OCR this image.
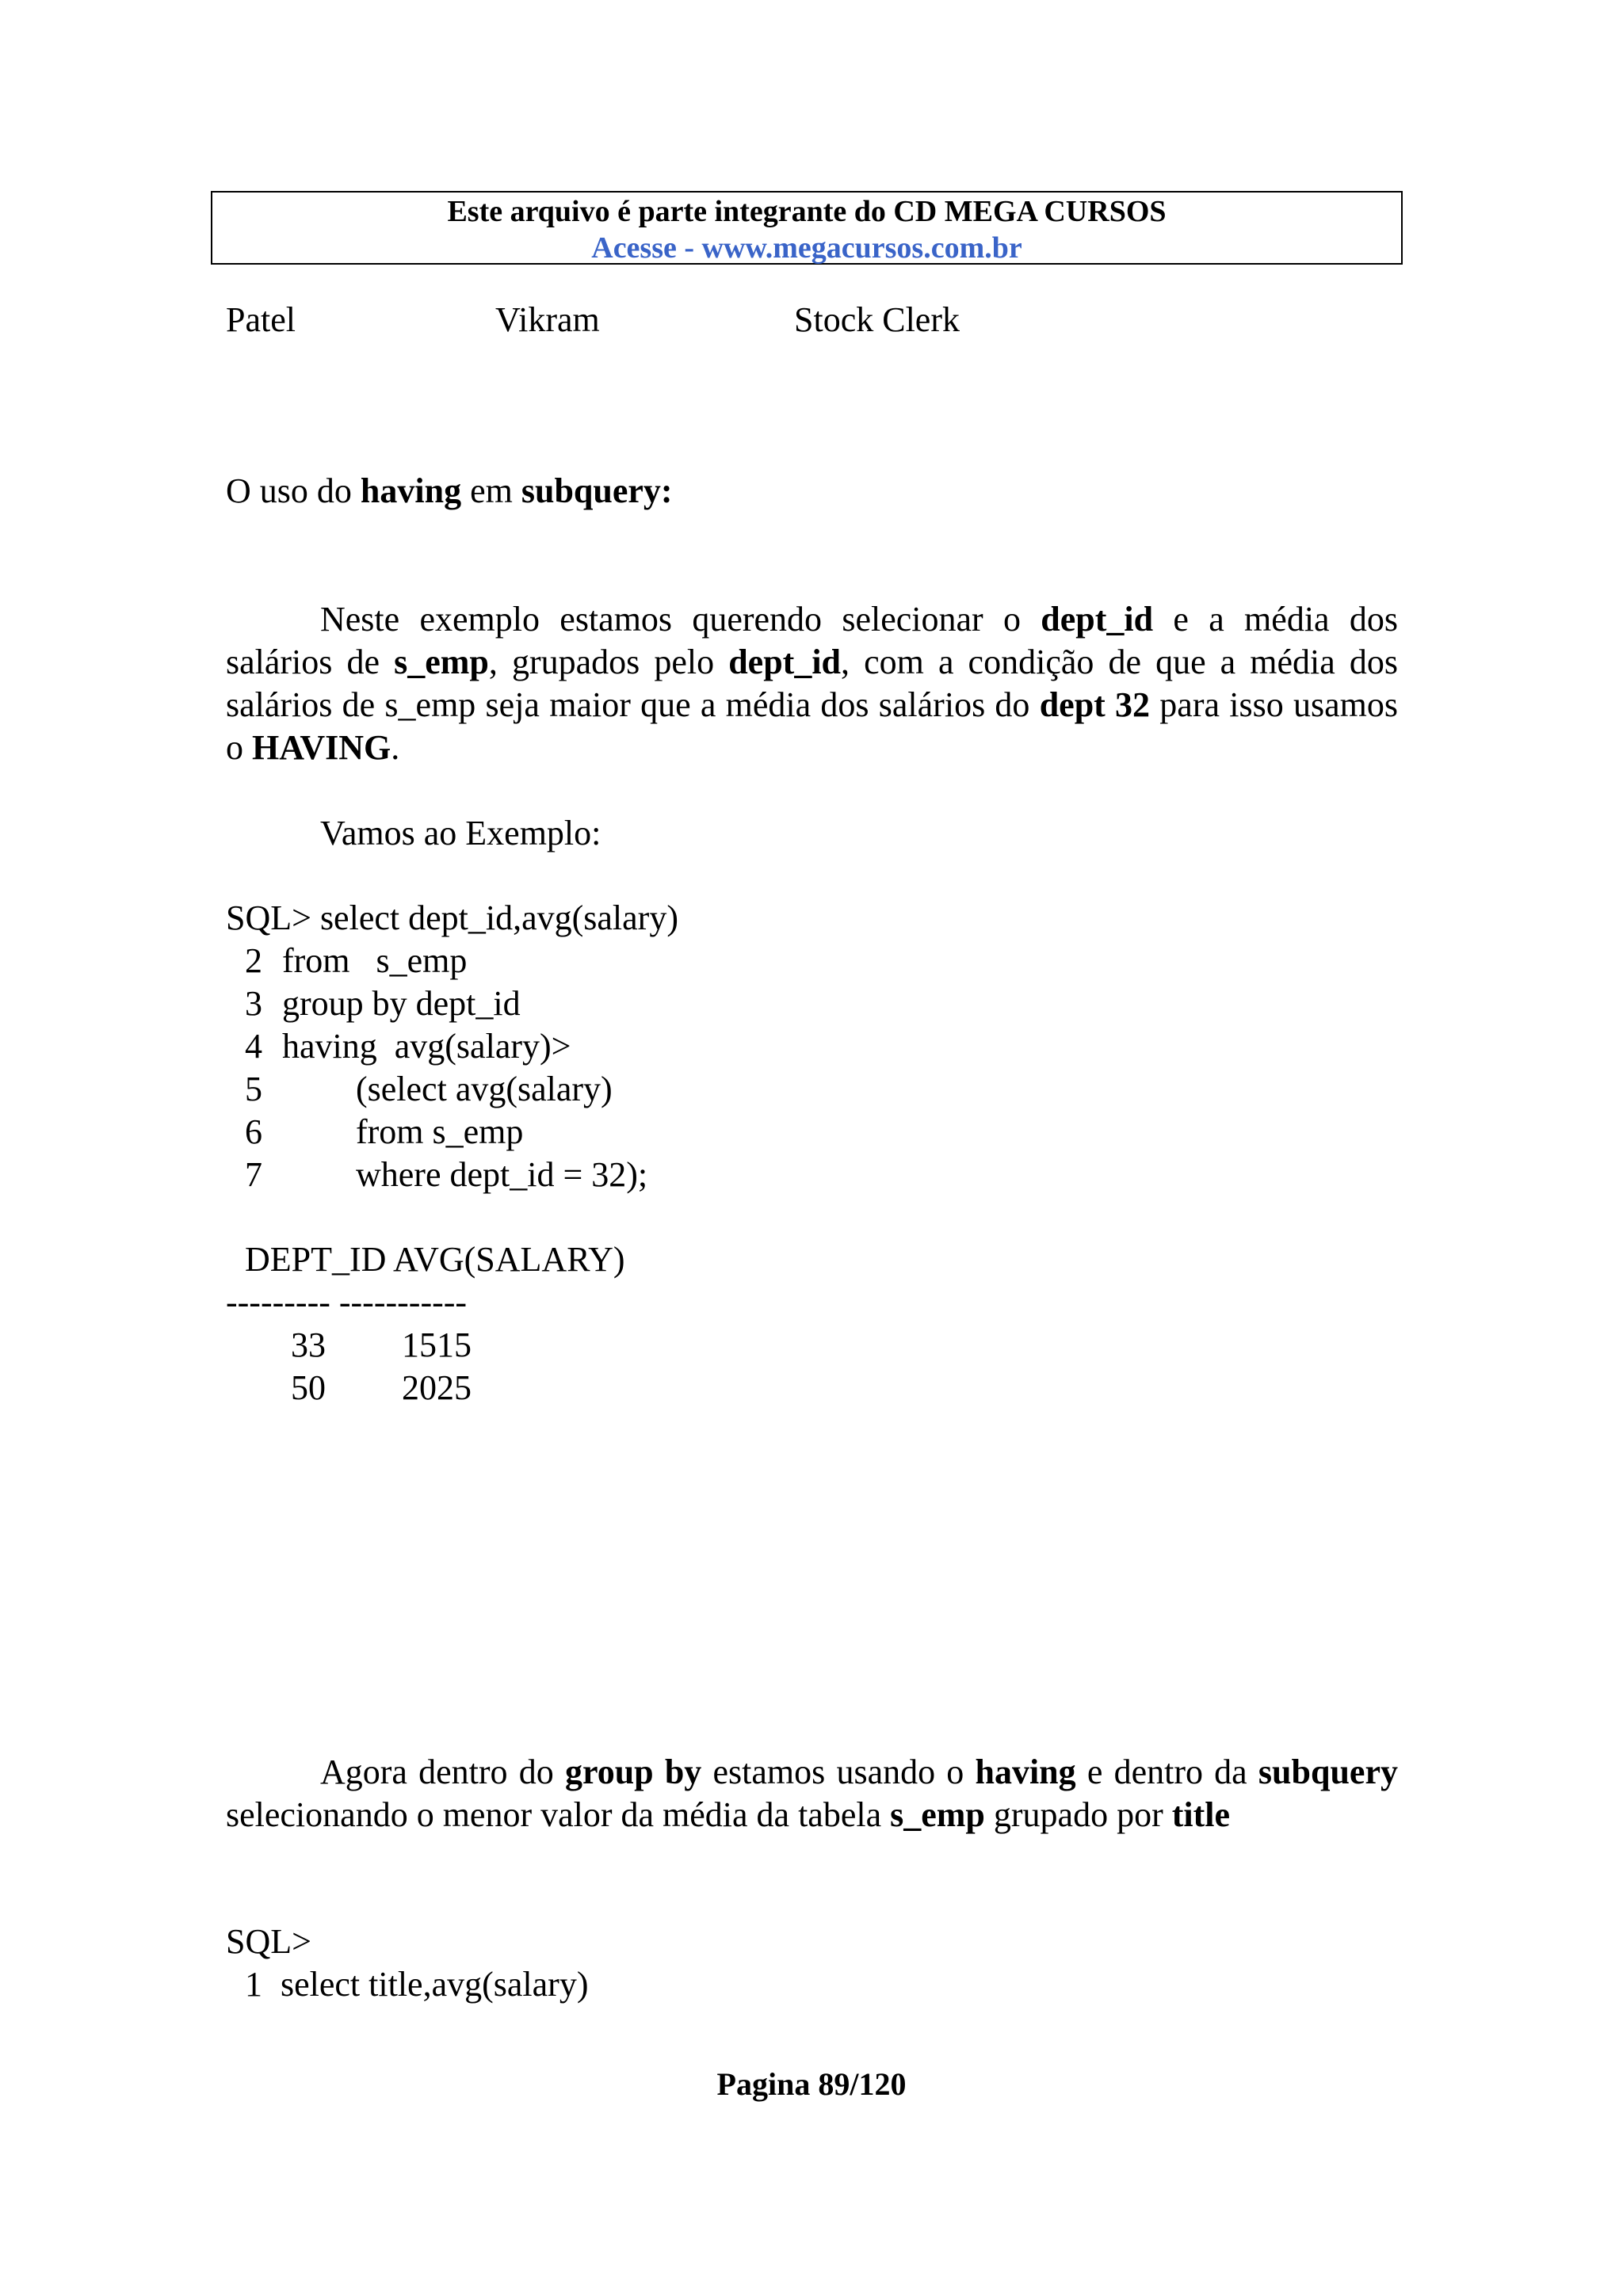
Este arquivo é parte integrante do CD MEGA CURSOS
Acesse - www.megacursos.com.br
Patel	Vikram	Stock Clerk
O uso do having em subquery:
Neste exemplo estamos querendo selecionar o dept_id e a média dos salários de s_emp, grupados pelo dept_id, com a condição de que a média dos salários de s_emp seja maior que a média dos salários do dept 32 para isso usamos o HAVING.
Vamos ao Exemplo:
SQL> select dept_id,avg(salary)
2 from   s_emp
3 group by dept_id
4 having  avg(salary)>
5	(select avg(salary)
6	from s_emp
7	where dept_id = 32);
DEPT_ID AVG(SALARY)
--------- -----------
33 1515
50 2025
Agora dentro do group by estamos usando o having e dentro da subquery selecionando o menor valor da média da tabela s_emp grupado por title
SQL>
1 select title,avg(salary)
Pagina 89/120
